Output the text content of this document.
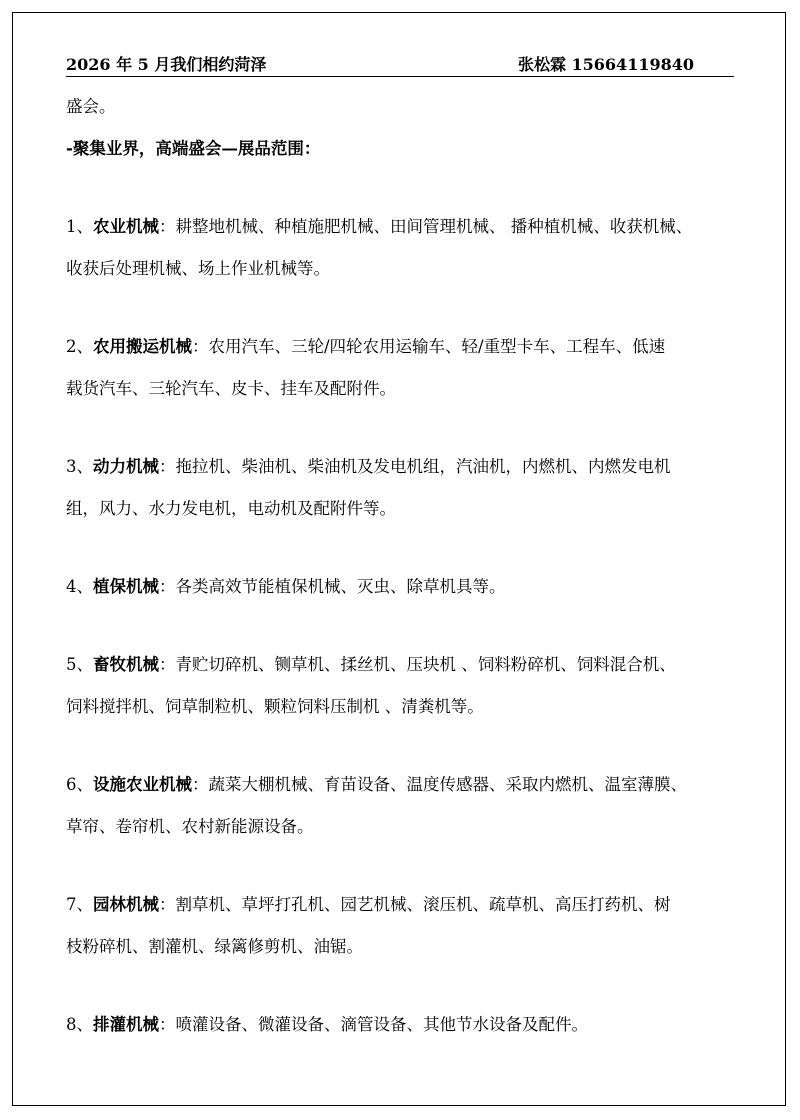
2026 年 5 月我们相约菏泽	张松霖 15664119840

盛会。

-聚集业界，高端盛会—展品范围：

1、农业机械：耕整地机械、种植施肥机械、田间管理机械、 播种植机械、收获机械、

收获后处理机械、场上作业机械等。

2、农用搬运机械：农用汽车、三轮/四轮农用运输车、轻/重型卡车、工程车、低速

载货汽车、三轮汽车、皮卡、挂车及配附件。

3、动力机械：拖拉机、柴油机、柴油机及发电机组，汽油机，内燃机、内燃发电机

组，风力、水力发电机，电动机及配附件等。

4、植保机械：各类高效节能植保机械、灭虫、除草机具等。

5、畜牧机械：青贮切碎机、铡草机、揉丝机、压块机 、饲料粉碎机、饲料混合机、

饲料搅拌机、饲草制粒机、颗粒饲料压制机 、清粪机等。

6、设施农业机械：蔬菜大棚机械、育苗设备、温度传感器、采取内燃机、温室薄膜、

草帘、卷帘机、农村新能源设备。

7、园林机械：割草机、草坪打孔机、园艺机械、滚压机、疏草机、高压打药机、树

枝粉碎机、割灌机、绿篱修剪机、油锯。

8、排灌机械：喷灌设备、微灌设备、滴管设备、其他节水设备及配件。
